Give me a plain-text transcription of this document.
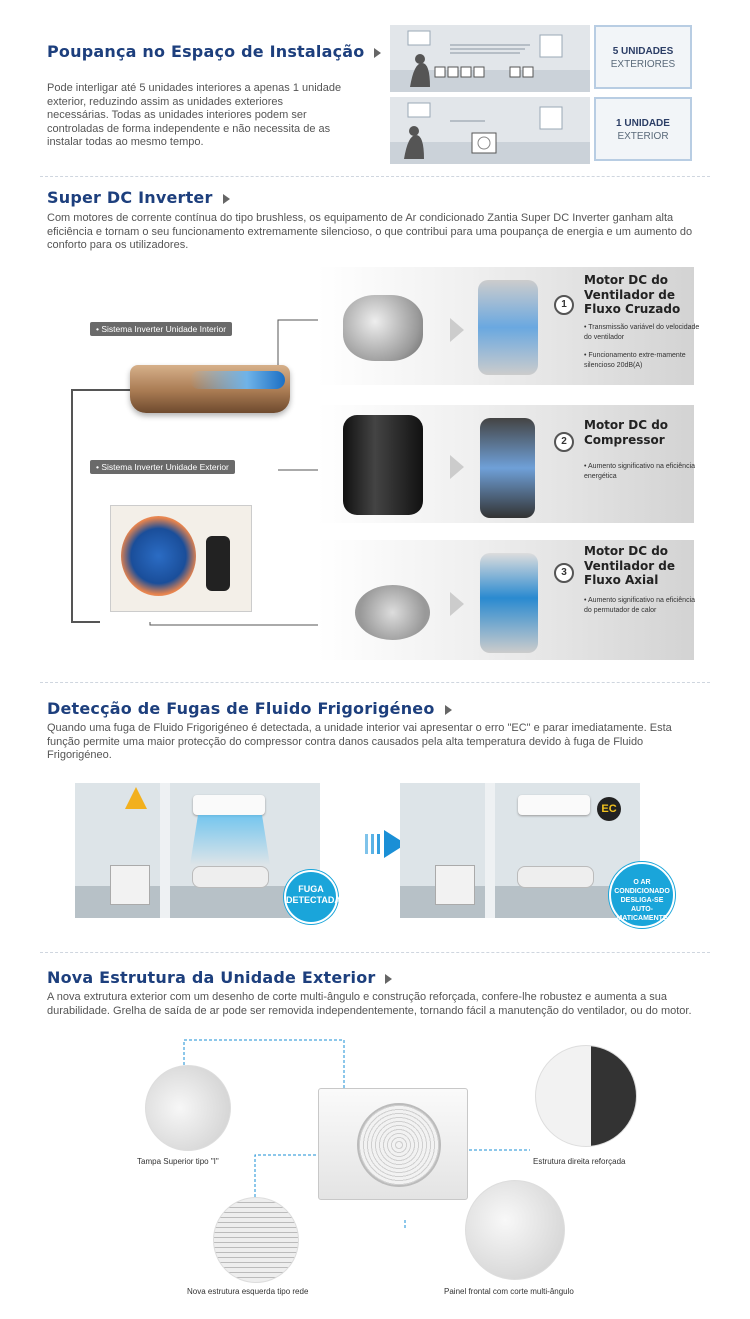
Poupança no Espaço de Instalação
Pode interligar até 5 unidades interiores a apenas 1 unidade exterior, reduzindo assim as unidades exteriores necessárias. Todas as unidades interiores podem ser controladas de forma independente e não necessita de as instalar todas ao mesmo tempo.
5 UNIDADES
EXTERIORES
1 UNIDADE
EXTERIOR
Super DC Inverter
Com motores de corrente contínua do tipo brushless, os equipamento de Ar condicionado Zantia Super DC Inverter ganham alta eficiência e tornam o seu funcionamento extremamente silencioso, o que contribui para uma poupança de energia e um aumento do conforto para os utilizadores.
• Sistema Inverter Unidade Interior
• Sistema Inverter Unidade Exterior
1
Motor DC do Ventilador de Fluxo Cruzado
• Transmissão variável do velocidade do ventilador
• Funcionamento extre-mamente silencioso 20dB(A)
2
Motor DC do Compressor
• Aumento significativo na eficiência energética
3
Motor DC do Ventilador de Fluxo Axial
• Aumento significativo na eficiência do permutador de calor
Detecção de Fugas de Fluido Frigorigéneo
Quando uma fuga de Fluido Frigorigéneo é detectada, a unidade interior vai apresentar o erro "EC" e parar imediatamente. Esta função permite uma maior protecção do compressor contra danos causados pela alta temperatura devido à fuga de Fluido Frigorigéneo.
FUGA DETECTADA
EC
O AR CONDICIONADO DESLIGA-SE AUTO-MATICAMENTE
Nova Estrutura da Unidade Exterior
A nova extrutura exterior com um desenho de corte multi-ângulo e construção reforçada, confere-lhe robustez e aumenta a sua durabilidade. Grelha de saída de ar pode ser removida independentemente, tornando fácil a manutenção do ventilador, ou do motor.
Tampa Superior tipo "I"	Estrutura direita reforçada
Nova estrutura esquerda tipo rede	Painel frontal com corte multi-ângulo
